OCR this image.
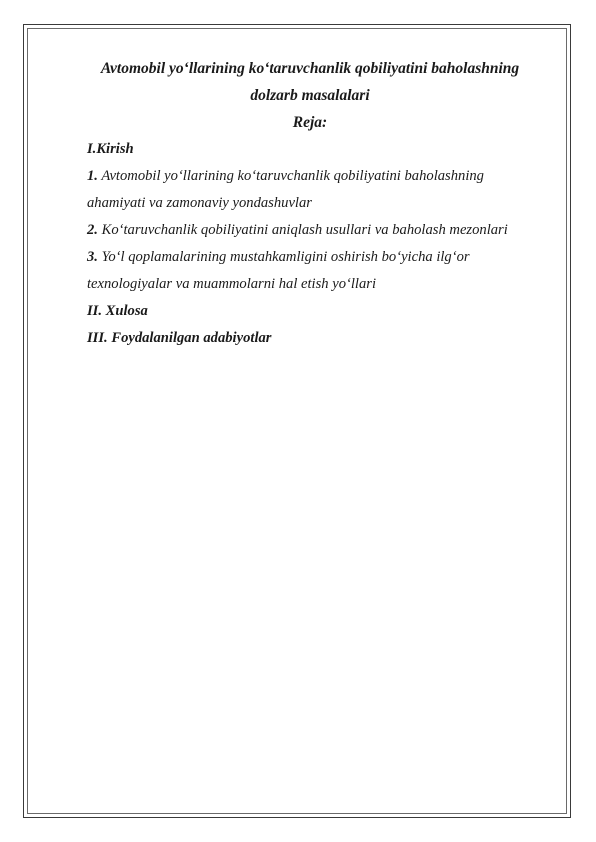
Avtomobil yo‘llarining ko‘taruvchanlik qobiliyatini baholashning
dolzarb masalalari
Reja:
I.Kirish
1. Avtomobil yo‘llarining ko‘taruvchanlik qobiliyatini baholashning
ahamiyati va zamonaviy yondashuvlar
2. Ko‘taruvchanlik qobiliyatini aniqlash usullari va baholash mezonlari
3. Yo‘l qoplamalarining mustahkamligini oshirish bo‘yicha ilg‘or
texnologiyalar va muammolarni hal etish yo‘llari
II. Xulosa
III. Foydalanilgan adabiyotlar
